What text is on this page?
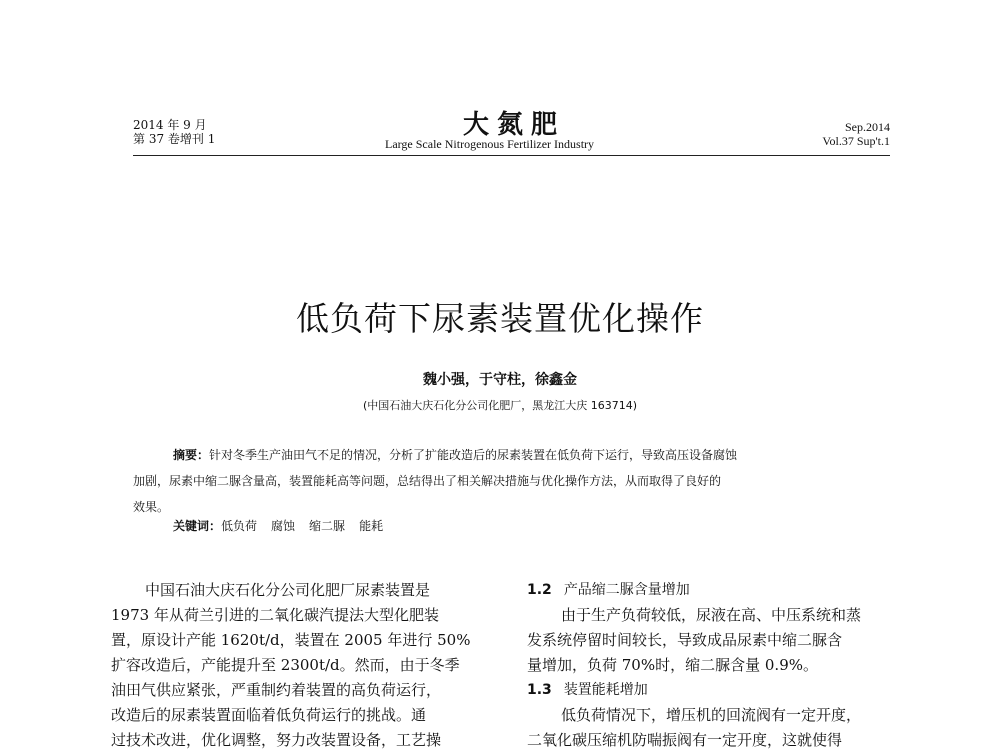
2014 年 9 月
第 37 卷增刊 1	大氮肥
Large Scale Nitrogenous Fertilizer Industry
Sep.2014
Vol.37 Sup't.1
低负荷下尿素装置优化操作
魏小强，于守柱，徐鑫金
(中国石油大庆石化分公司化肥厂，黑龙江大庆 163714)
摘要：针对冬季生产油田气不足的情况，分析了扩能改造后的尿素装置在低负荷下运行，导致高压设备腐蚀
加剧，尿素中缩二脲含量高，装置能耗高等问题，总结得出了相关解决措施与优化操作方法，从而取得了良好的
效果。
关键词：低负荷 腐蚀 缩二脲 能耗
中国石油大庆石化分公司化肥厂尿素装置是
1973 年从荷兰引进的二氧化碳汽提法大型化肥装
置，原设计产能 1620t/d，装置在 2005 年进行 50%
扩容改造后，产能提升至 2300t/d。然而，由于冬季
油田气供应紧张，严重制约着装置的高负荷运行，
改造后的尿素装置面临着低负荷运行的挑战。通
过技术改进，优化调整，努力改装置设备，工艺操
1.2 产品缩二脲含量增加
由于生产负荷较低，尿液在高、中压系统和蒸
发系统停留时间较长，导致成品尿素中缩二脲含
量增加，负荷 70%时，缩二脲含量 0.9%。
1.3 装置能耗增加
低负荷情况下，增压机的回流阀有一定开度，
二氧化碳压缩机防喘振阀有一定开度，这就使得
